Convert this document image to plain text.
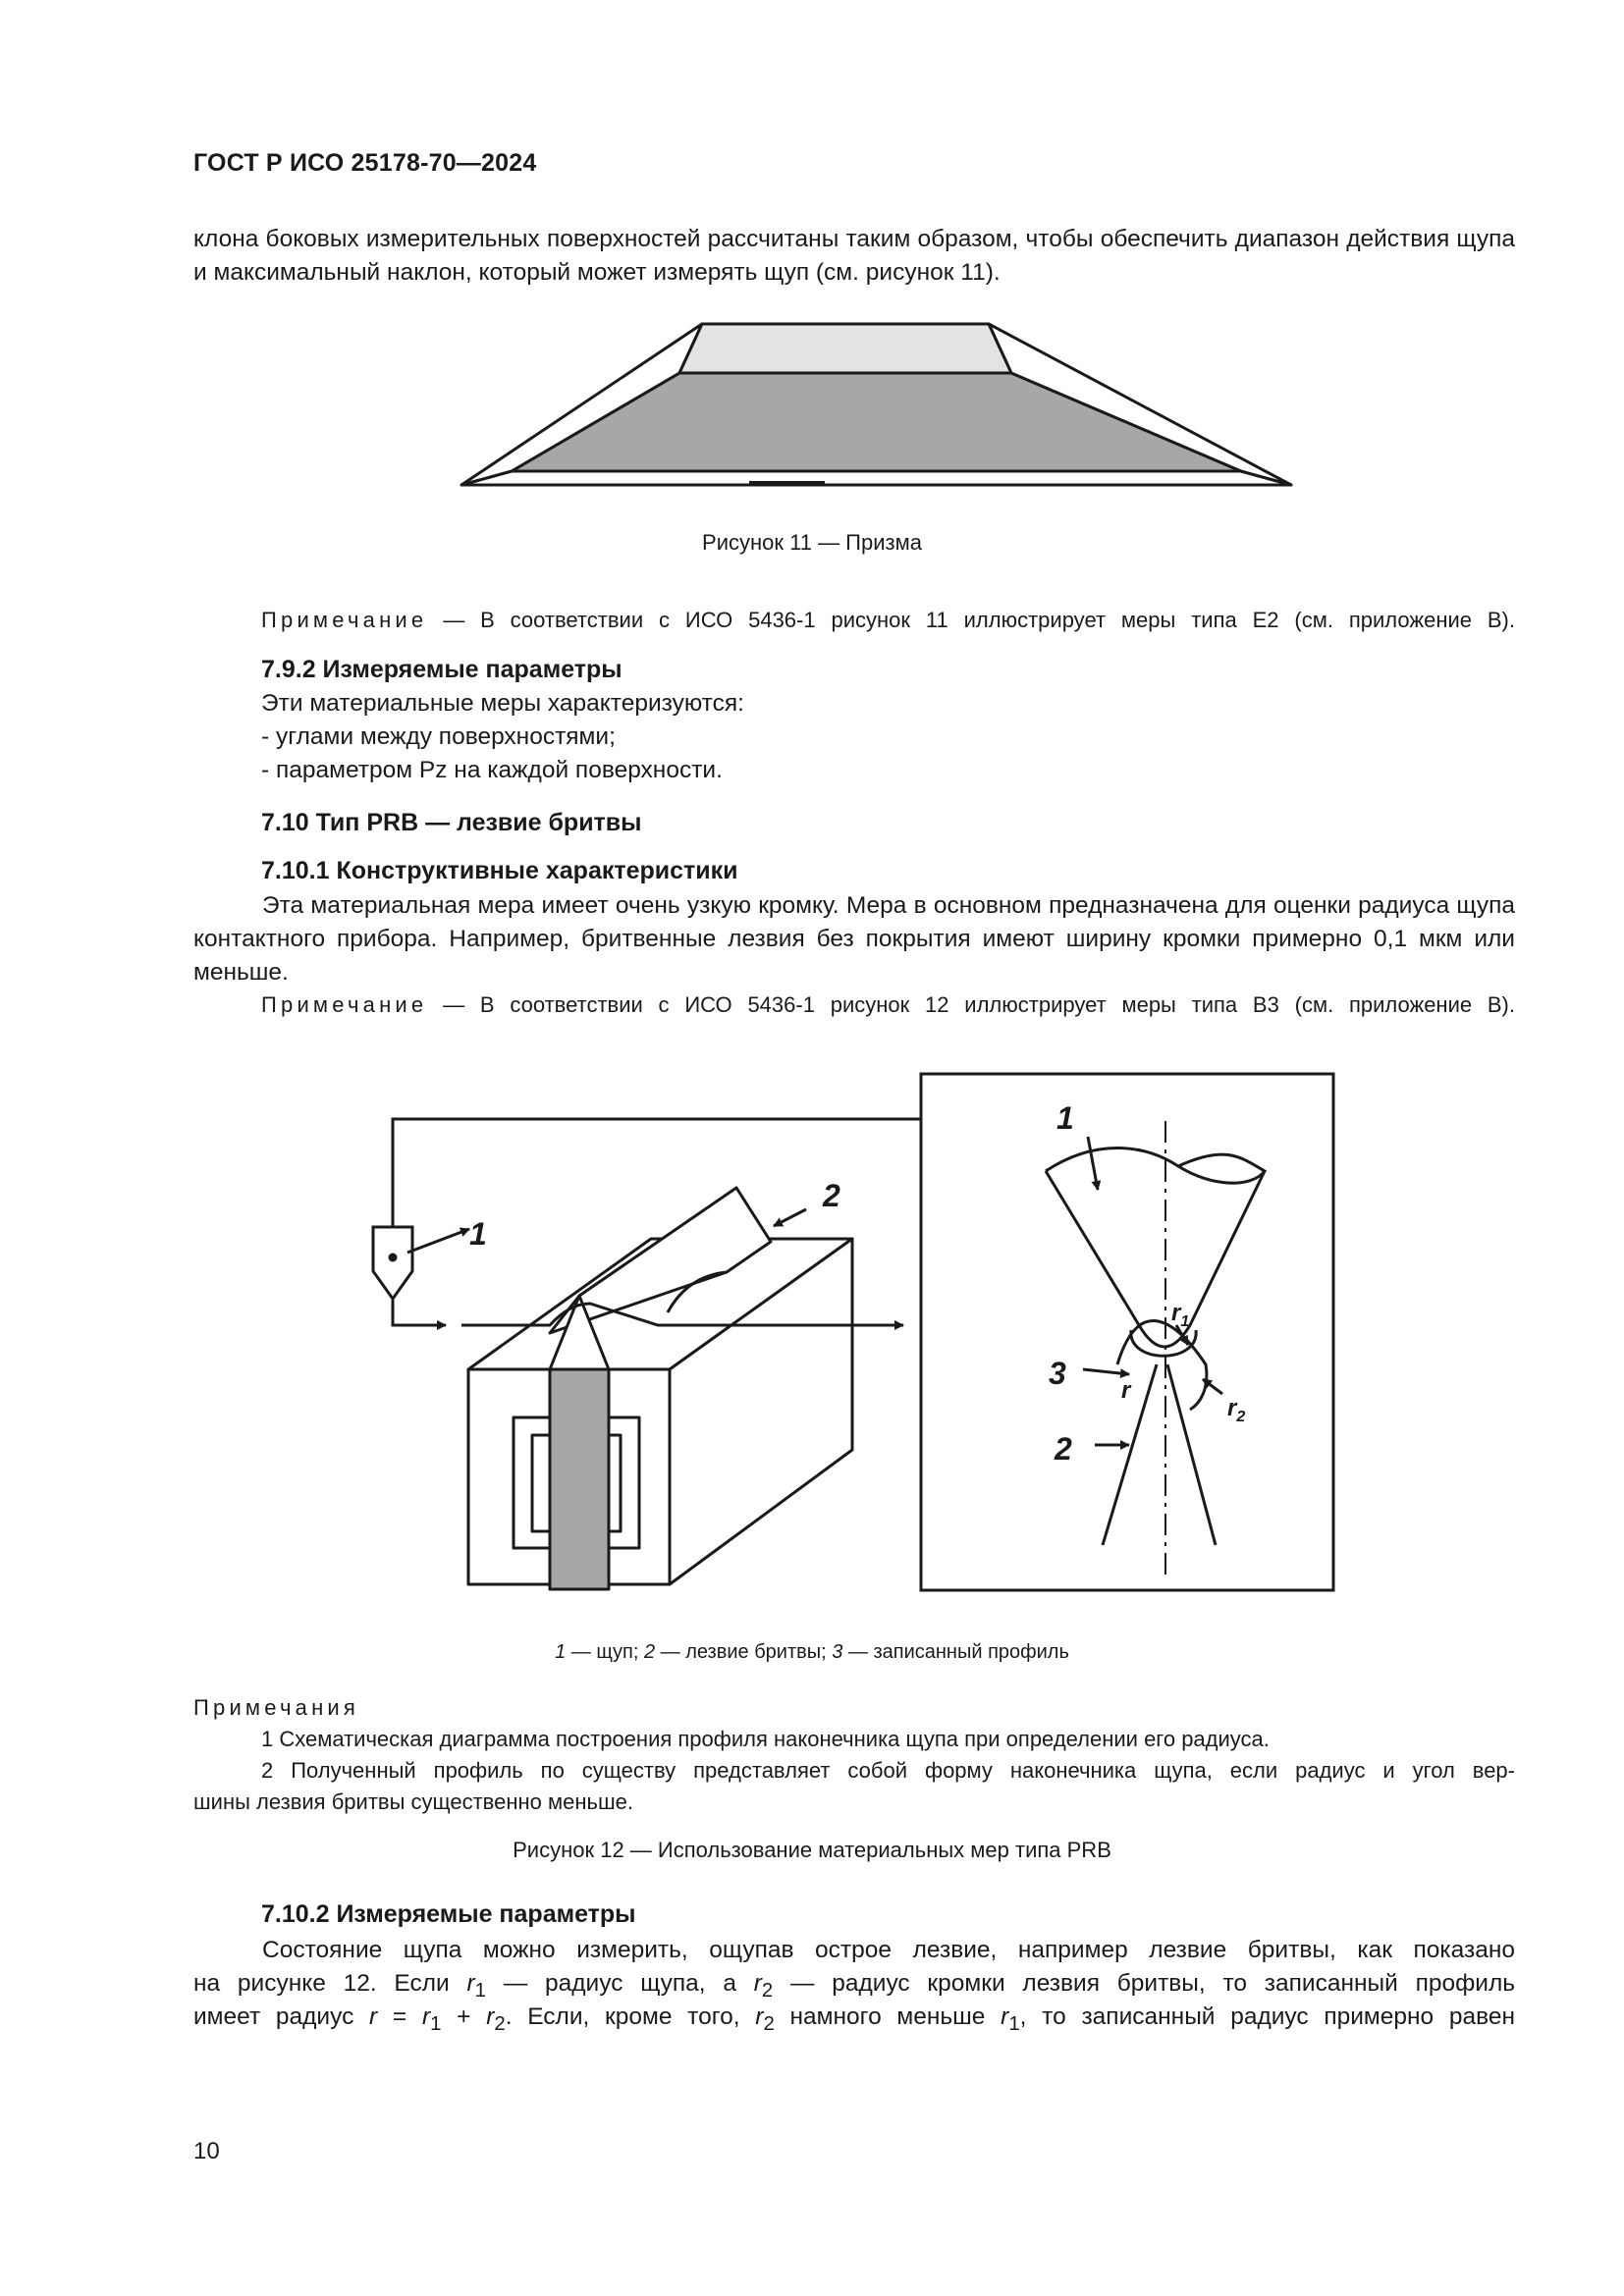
ГОСТ Р ИСО 25178-70—2024

клона боковых измерительных поверхностей рассчитаны таким образом, чтобы обеспечить диапазон действия щупа и максимальный наклон, который может измерять щуп (см. рисунок 11).

Рисунок 11 — Призма

Примечание — В соответствии с ИСО 5436-1 рисунок 11 иллюстрирует меры типа E2 (см. приложение В).

7.9.2 Измеряемые параметры

Эти материальные меры характеризуются:

- углами между поверхностями;

- параметром Pz на каждой поверхности.

7.10 Тип PRB — лезвие бритвы

7.10.1 Конструктивные характеристики

Эта материальная мера имеет очень узкую кромку. Мера в основном предназначена для оценки радиуса щупа контактного прибора. Например, бритвенные лезвия без покрытия имеют ширину кромки примерно 0,1 мкм или меньше.

Примечание — В соответствии с ИСО 5436-1 рисунок 12 иллюстрирует меры типа В3 (см. приложение В).

1
2
1
$r_1$
3 r
$r_2$
2

1 — щуп; 2 — лезвие бритвы; 3 — записанный профиль

Примечания

1 Схематическая диаграмма построения профиля наконечника щупа при определении его радиуса.

2 Полученный профиль по существу представляет собой форму наконечника щупа, если радиус и угол вер-

шины лезвия бритвы существенно меньше.

Рисунок 12 — Использование материальных мер типа PRB

7.10.2 Измеряемые параметры

Состояние щупа можно измерить, ощупав острое лезвие, например лезвие бритвы, как показано

на рисунке 12. Если $r_1$ — радиус щупа, а $r_2$ — радиус кромки лезвия бритвы, то записанный профиль

имеет радиус $r = r_1 + r_2$. Если, кроме того, $r_2$ намного меньше $r_1$, то записанный радиус примерно равен

10
